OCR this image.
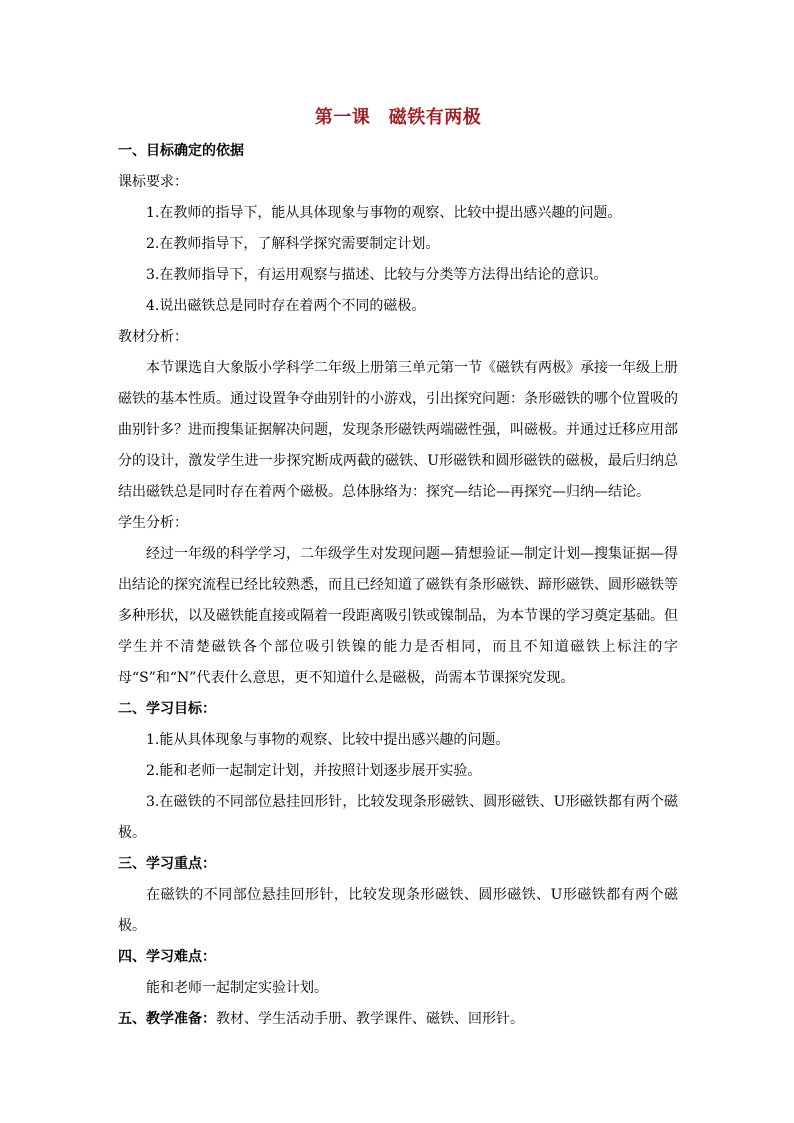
第一课　磁铁有两极
一、目标确定的依据
课标要求：
1.在教师的指导下，能从具体现象与事物的观察、比较中提出感兴趣的问题。
2.在教师指导下，了解科学探究需要制定计划。
3.在教师指导下，有运用观察与描述、比较与分类等方法得出结论的意识。
4.说出磁铁总是同时存在着两个不同的磁极。
教材分析：
本节课选自大象版小学科学二年级上册第三单元第一节《磁铁有两极》承接一年级上册磁铁的基本性质。通过设置争夺曲别针的小游戏，引出探究问题：条形磁铁的哪个位置吸的曲别针多？进而搜集证据解决问题，发现条形磁铁两端磁性强，叫磁极。并通过迁移应用部分的设计，激发学生进一步探究断成两截的磁铁、U形磁铁和圆形磁铁的磁极，最后归纳总结出磁铁总是同时存在着两个磁极。总体脉络为：探究—结论—再探究—归纳—结论。
学生分析：
经过一年级的科学学习，二年级学生对发现问题—猜想验证—制定计划—搜集证据—得出结论的探究流程已经比较熟悉，而且已经知道了磁铁有条形磁铁、蹄形磁铁、圆形磁铁等多种形状，以及磁铁能直接或隔着一段距离吸引铁或镍制品，为本节课的学习奠定基础。但学生并不清楚磁铁各个部位吸引铁镍的能力是否相同，而且不知道磁铁上标注的字母“S”和“N”代表什么意思，更不知道什么是磁极，尚需本节课探究发现。
二、学习目标：
1.能从具体现象与事物的观察、比较中提出感兴趣的问题。
2.能和老师一起制定计划，并按照计划逐步展开实验。
3.在磁铁的不同部位悬挂回形针，比较发现条形磁铁、圆形磁铁、U形磁铁都有两个磁极。
三、学习重点：
在磁铁的不同部位悬挂回形针，比较发现条形磁铁、圆形磁铁、U形磁铁都有两个磁极。
四、学习难点：
能和老师一起制定实验计划。
五、教学准备：教材、学生活动手册、教学课件、磁铁、回形针。
